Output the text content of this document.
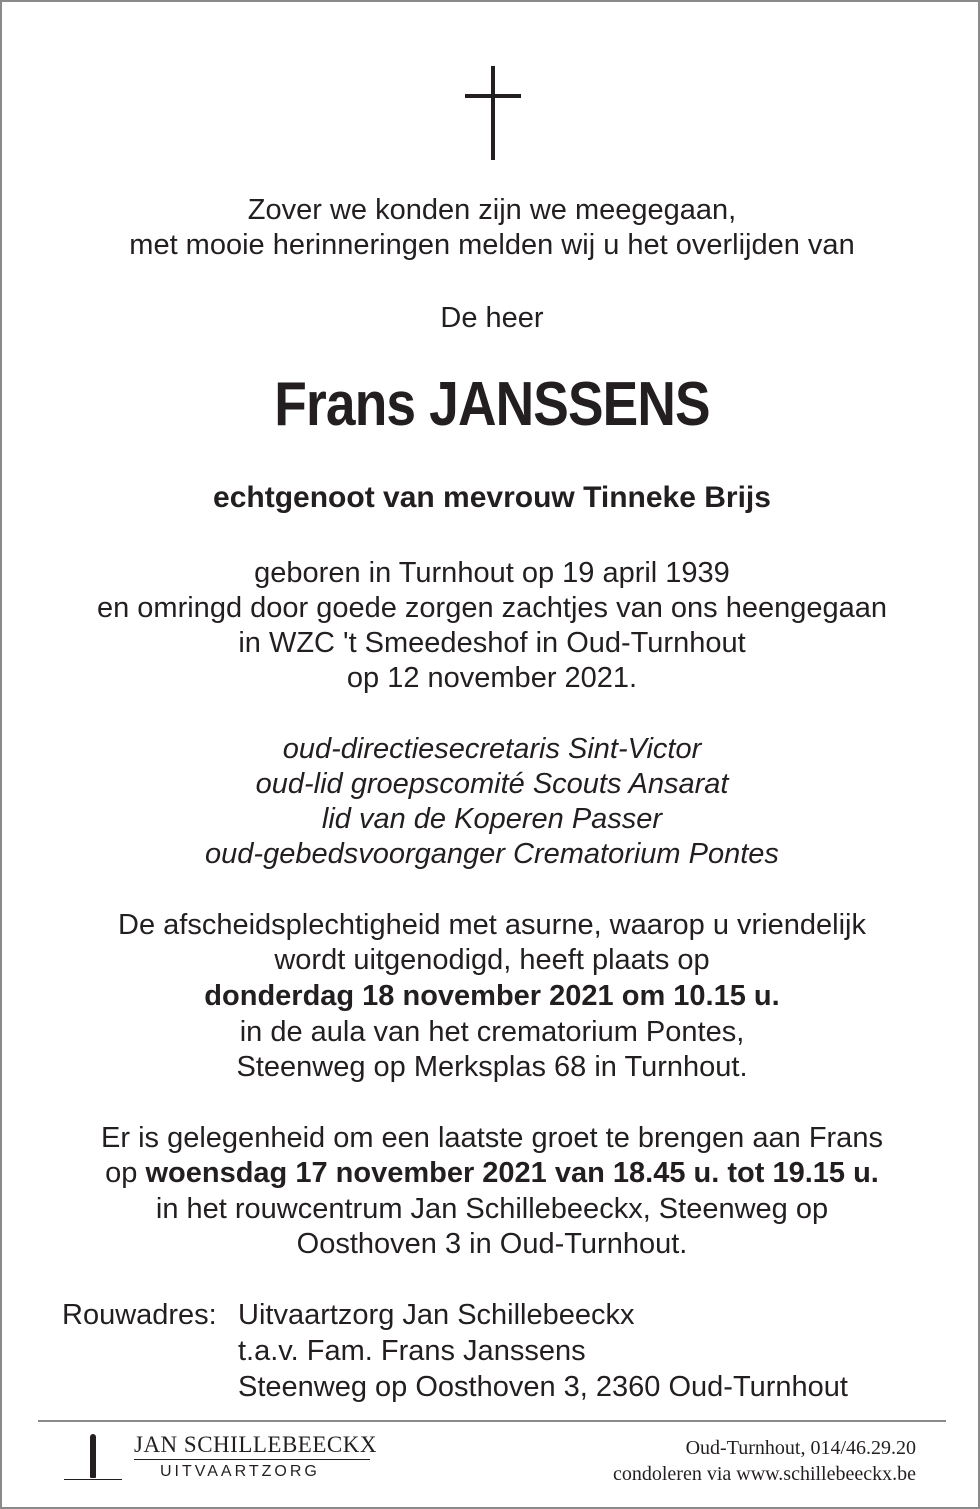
Zover we konden zijn we meegegaan,
met mooie herinneringen melden wij u het overlijden van
De heer
Frans JANSSENS
echtgenoot van mevrouw Tinneke Brijs
geboren in Turnhout op 19 april 1939
en omringd door goede zorgen zachtjes van ons heengegaan
in WZC 't Smeedeshof in Oud-Turnhout
op 12 november 2021.
oud-directiesecretaris Sint-Victor
oud-lid groepscomité Scouts Ansarat
lid van de Koperen Passer
oud-gebedsvoorganger Crematorium Pontes
De afscheidsplechtigheid met asurne, waarop u vriendelijk
wordt uitgenodigd, heeft plaats op
donderdag 18 november 2021 om 10.15 u.
in de aula van het crematorium Pontes,
Steenweg op Merksplas 68 in Turnhout.
Er is gelegenheid om een laatste groet te brengen aan Frans
op woensdag 17 november 2021 van 18.45 u. tot 19.15 u.
in het rouwcentrum Jan Schillebeeckx, Steenweg op
Oosthoven 3 in Oud-Turnhout.
Rouwadres: Uitvaartzorg Jan Schillebeeckx
t.a.v. Fam. Frans Janssens
Steenweg op Oosthoven 3, 2360 Oud-Turnhout
JAN SCHILLEBEECKX
UITVAARTZORG
Oud-Turnhout, 014/46.29.20
condoleren via www.schillebeeckx.be
